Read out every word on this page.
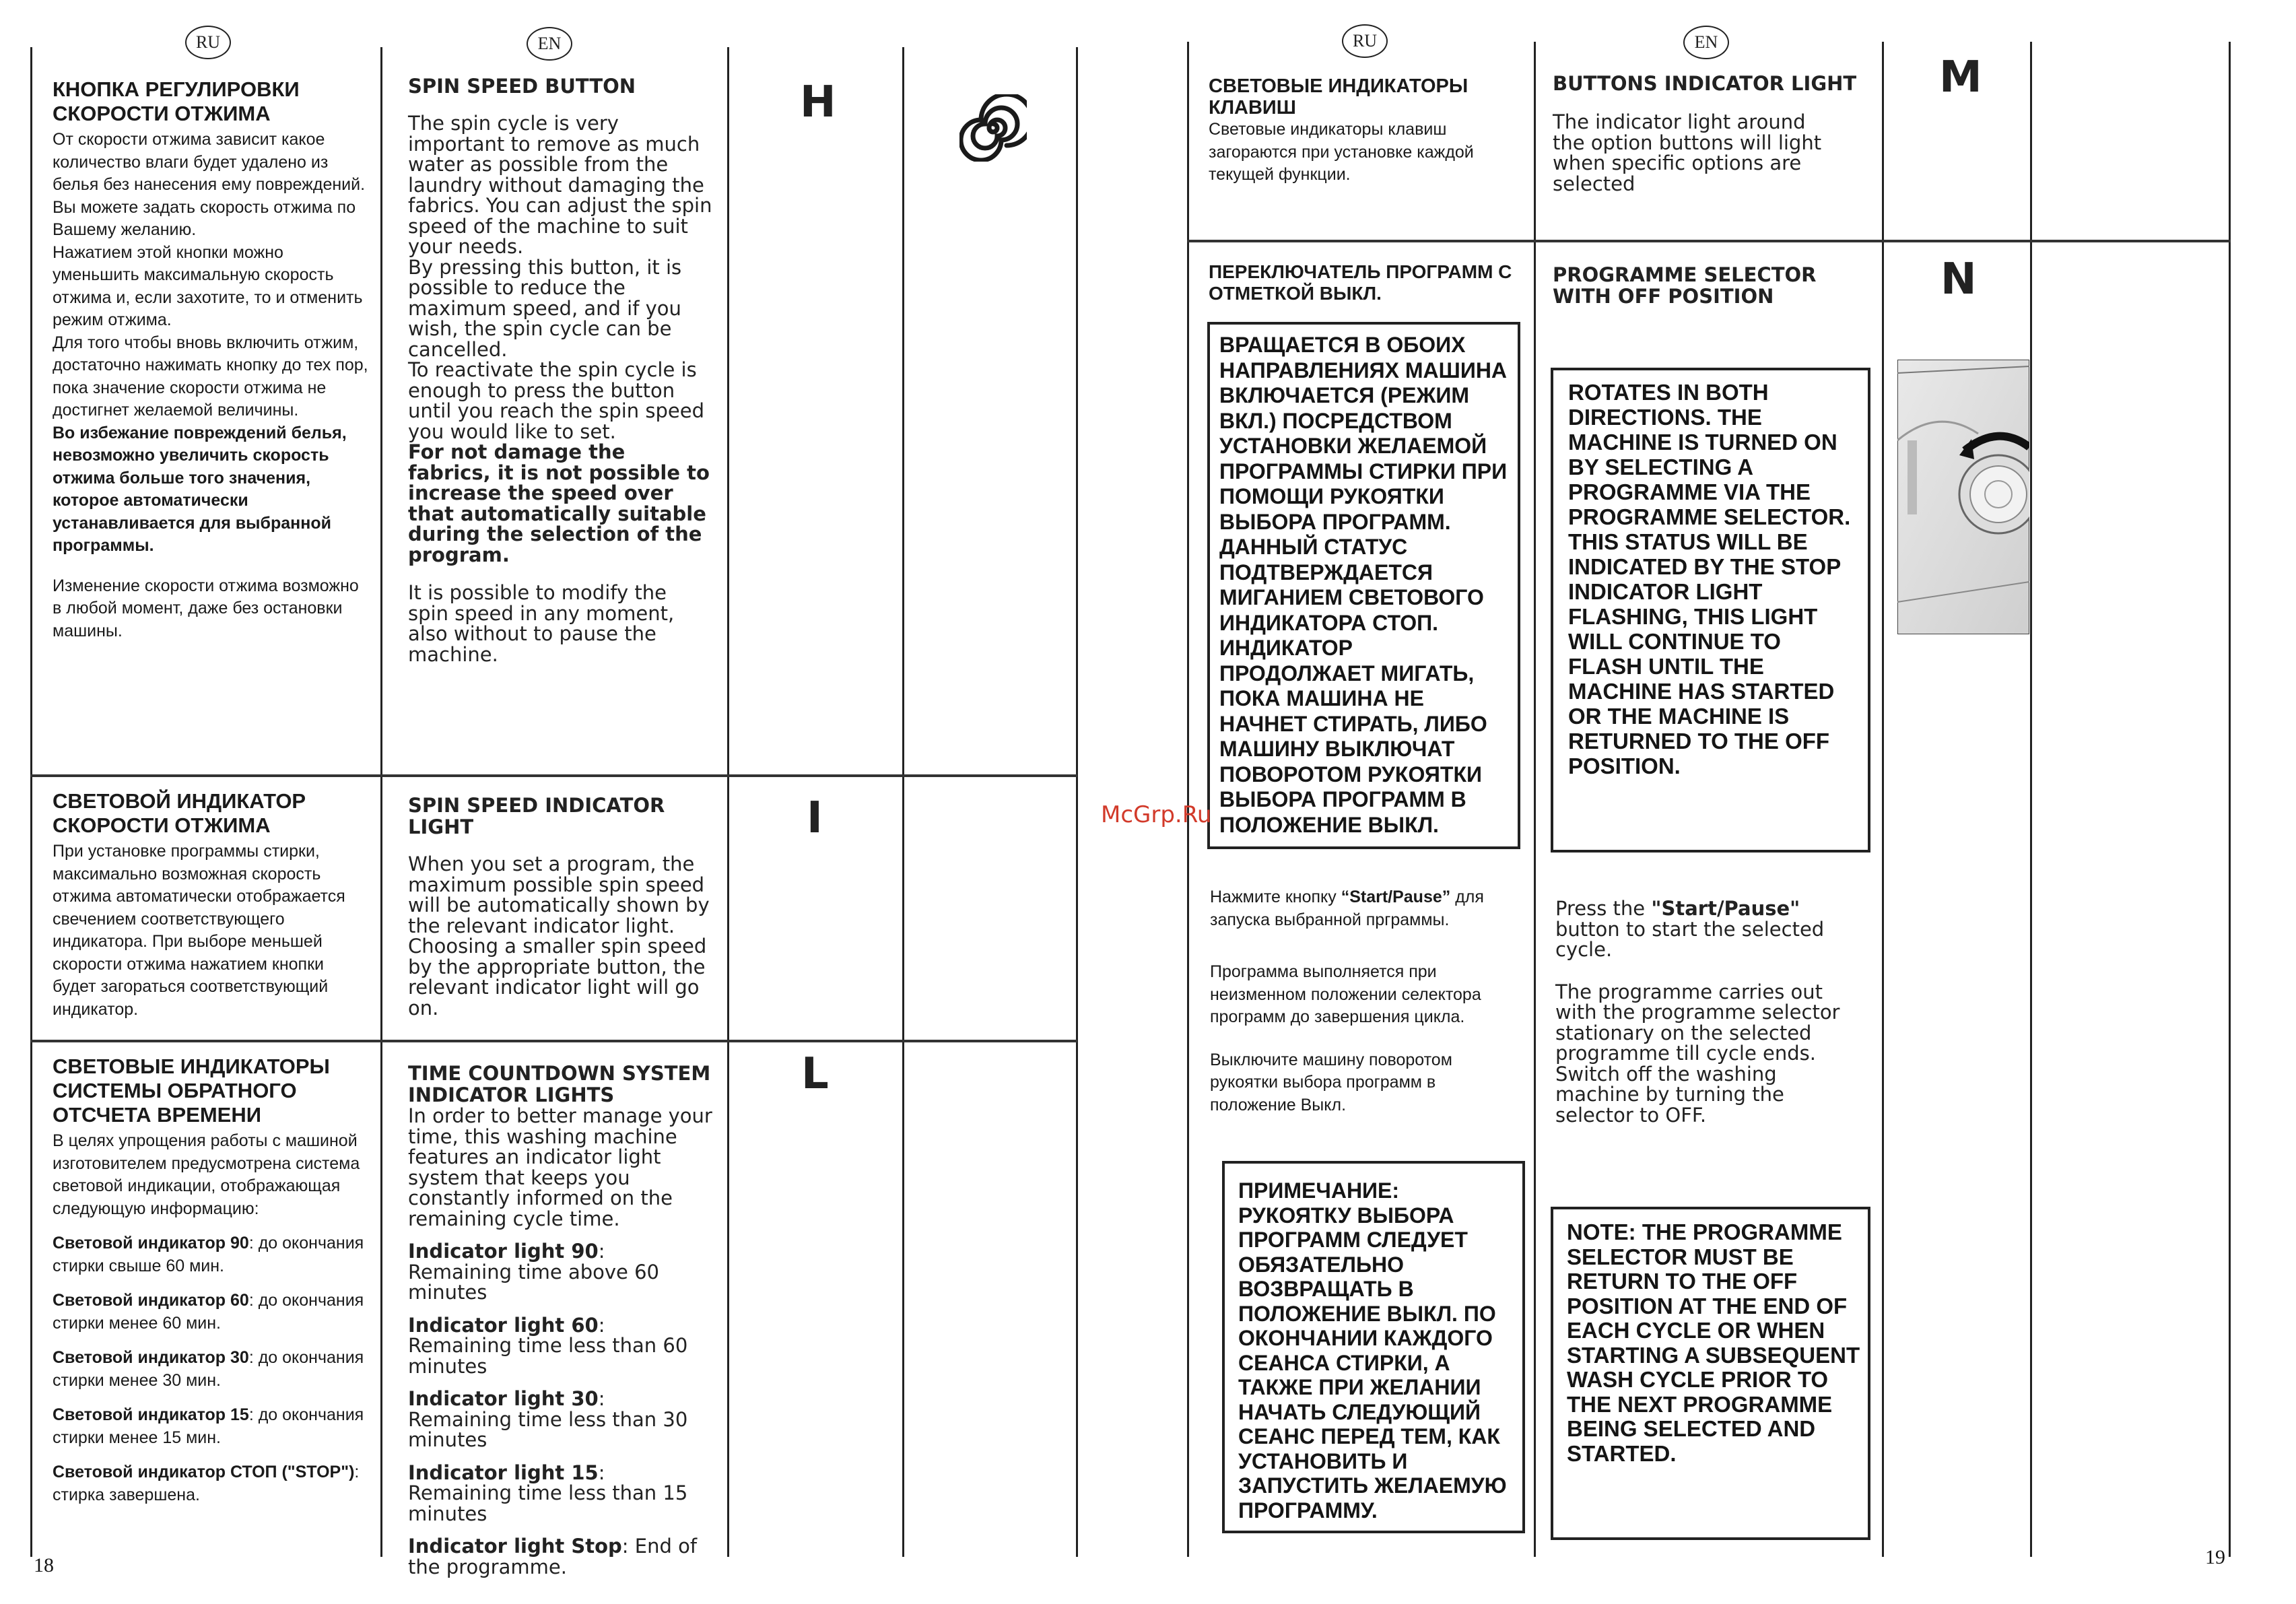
RU	EN	RU	EN

КНОПКА РЕГУЛИРОВКИ СКОРОСТИ ОТЖИМА

От скорости отжима зависит какое количество влаги будет удалено из белья без нанесения ему повреждений. Вы можете задать скорость отжима по Вашему желанию.

Нажатием этой кнопки можно уменьшить максимальную скорость отжима и, если захотите, то и отменить режим отжима.

Для того чтобы вновь включить отжим, достаточно нажимать кнопку до тех пор, пока значение скорости отжима не достигнет желаемой величины.

Во избежание повреждений белья, невозможно увеличить скорость отжима больше того значения, которое автоматически устанавливается для выбранной программы.

Изменение скорости отжима возможно в любой момент, даже без остановки машины.

SPIN SPEED BUTTON

The spin cycle is very important to remove as much water as possible from the laundry without damaging the fabrics. You can adjust the spin speed of the machine to suit your needs.

By pressing this button, it is possible to reduce the maximum speed, and if you wish, the spin cycle can be cancelled.

To reactivate the spin cycle is enough to press the button until you reach the spin speed you would like to set.

For not damage the fabrics, it is not possible to increase the speed over that automatically suitable during the selection of the program.

It is possible to modify the spin speed in any moment, also without to pause the machine.

H

СВЕТОВОЙ ИНДИКАТОР СКОРОСТИ ОТЖИМА

При установке программы стирки, максимально возможная скорость отжима автоматически отображается свечением соответствующего индикатора. При выборе меньшей скорости отжима нажатием кнопки будет загораться соответствующий индикатор.

SPIN SPEED INDICATOR LIGHT

When you set a program, the maximum possible spin speed will be automatically shown by the relevant indicator light.

Choosing a smaller spin speed by the appropriate button, the relevant indicator light will go on.

I

СВЕТОВЫЕ ИНДИКАТОРЫ СИСТЕМЫ ОБРАТНОГО ОТСЧЕТА ВРЕМЕНИ

В целях упрощения работы с машиной изготовителем предусмотрена система световой индикации, отображающая следующую информацию:

Световой индикатор 90: до окончания стирки свыше 60 мин.

Световой индикатор 60: до окончания стирки менее 60 мин.

Световой индикатор 30: до окончания стирки менее 30 мин.

Световой индикатор 15: до окончания стирки менее 15 мин.

Световой индикатор СТОП ("STOP"): стирка завершена.

TIME COUNTDOWN SYSTEM INDICATOR LIGHTS

In order to better manage your time, this washing machine features an indicator light system that keeps you constantly informed on the remaining cycle time.

Indicator light 90: Remaining time above 60 minutes

Indicator light 60: Remaining time less than 60 minutes

Indicator light 30: Remaining time less than 30 minutes

Indicator light 15: Remaining time less than 15 minutes

Indicator light Stop: End of the programme.

L
18

СВЕТОВЫЕ ИНДИКАТОРЫ КЛАВИШ

Световые индикаторы клавиш загораются при установке каждой текущей функции.

BUTTONS INDICATOR LIGHT

The indicator light around the option buttons will light when specific options are selected

M

ПЕРЕКЛЮЧАТЕЛЬ ПРОГРАММ С ОТМЕТКОЙ ВЫКЛ.

ВРАЩАЕТСЯ В ОБОИХ НАПРАВЛЕНИЯХ МАШИНА ВКЛЮЧАЕТСЯ (РЕЖИМ ВКЛ.) ПОСРЕДСТВОМ УСТАНОВКИ ЖЕЛАЕМОЙ ПРОГРАММЫ СТИРКИ ПРИ ПОМОЩИ РУКОЯТКИ ВЫБОРА ПРОГРАММ. ДАННЫЙ СТАТУС ПОДТВЕРЖДАЕТСЯ МИГАНИЕМ СВЕТОВОГО ИНДИКАТОРА СТОП. ИНДИКАТОР ПРОДОЛЖАЕТ МИГАТЬ, ПОКА МАШИНА НЕ НАЧНЕТ СТИРАТЬ, ЛИБО МАШИНУ ВЫКЛЮЧАТ ПОВОРОТОМ РУКОЯТКИ ВЫБОРА ПРОГРАММ В ПОЛОЖЕНИЕ ВЫКЛ.

Нажмите кнопку “Start/Pause” для запуска выбранной прграммы.

Программа выполняется при неизменном положении селектора программ до завершения цикла.

Выключите машину поворотом рукоятки выбора программ в положение Выкл.

ПРИМЕЧАНИЕ: РУКОЯТКУ ВЫБОРА ПРОГРАММ СЛЕДУЕТ ОБЯЗАТЕЛЬНО ВОЗВРАЩАТЬ В ПОЛОЖЕНИЕ ВЫКЛ. ПО ОКОНЧАНИИ КАЖДОГО СЕАНСА СТИРКИ, А ТАКЖЕ ПРИ ЖЕЛАНИИ НАЧАТЬ СЛЕДУЮЩИЙ СЕАНС ПЕРЕД ТЕМ, КАК УСТАНОВИТЬ И ЗАПУСТИТЬ ЖЕЛАЕМУЮ ПРОГРАММУ.

PROGRAMME SELECTOR WITH OFF POSITION

ROTATES IN BOTH DIRECTIONS. THE MACHINE IS TURNED ON BY SELECTING A PROGRAMME VIA THE PROGRAMME SELECTOR. THIS STATUS WILL BE INDICATED BY THE STOP INDICATOR LIGHT FLASHING, THIS LIGHT WILL CONTINUE TO FLASH UNTIL THE MACHINE HAS STARTED OR THE MACHINE IS RETURNED TO THE OFF POSITION.

Press the "Start/Pause" button to start the selected cycle.

The programme carries out with the programme selector stationary on the selected programme till cycle ends.

Switch off the washing machine by turning the selector to OFF.

NOTE: THE PROGRAMME SELECTOR MUST BE RETURN TO THE OFF POSITION AT THE END OF EACH CYCLE OR WHEN STARTING A SUBSEQUENT WASH CYCLE PRIOR TO THE NEXT PROGRAMME BEING SELECTED AND STARTED.
N
19
McGrp.Ru
